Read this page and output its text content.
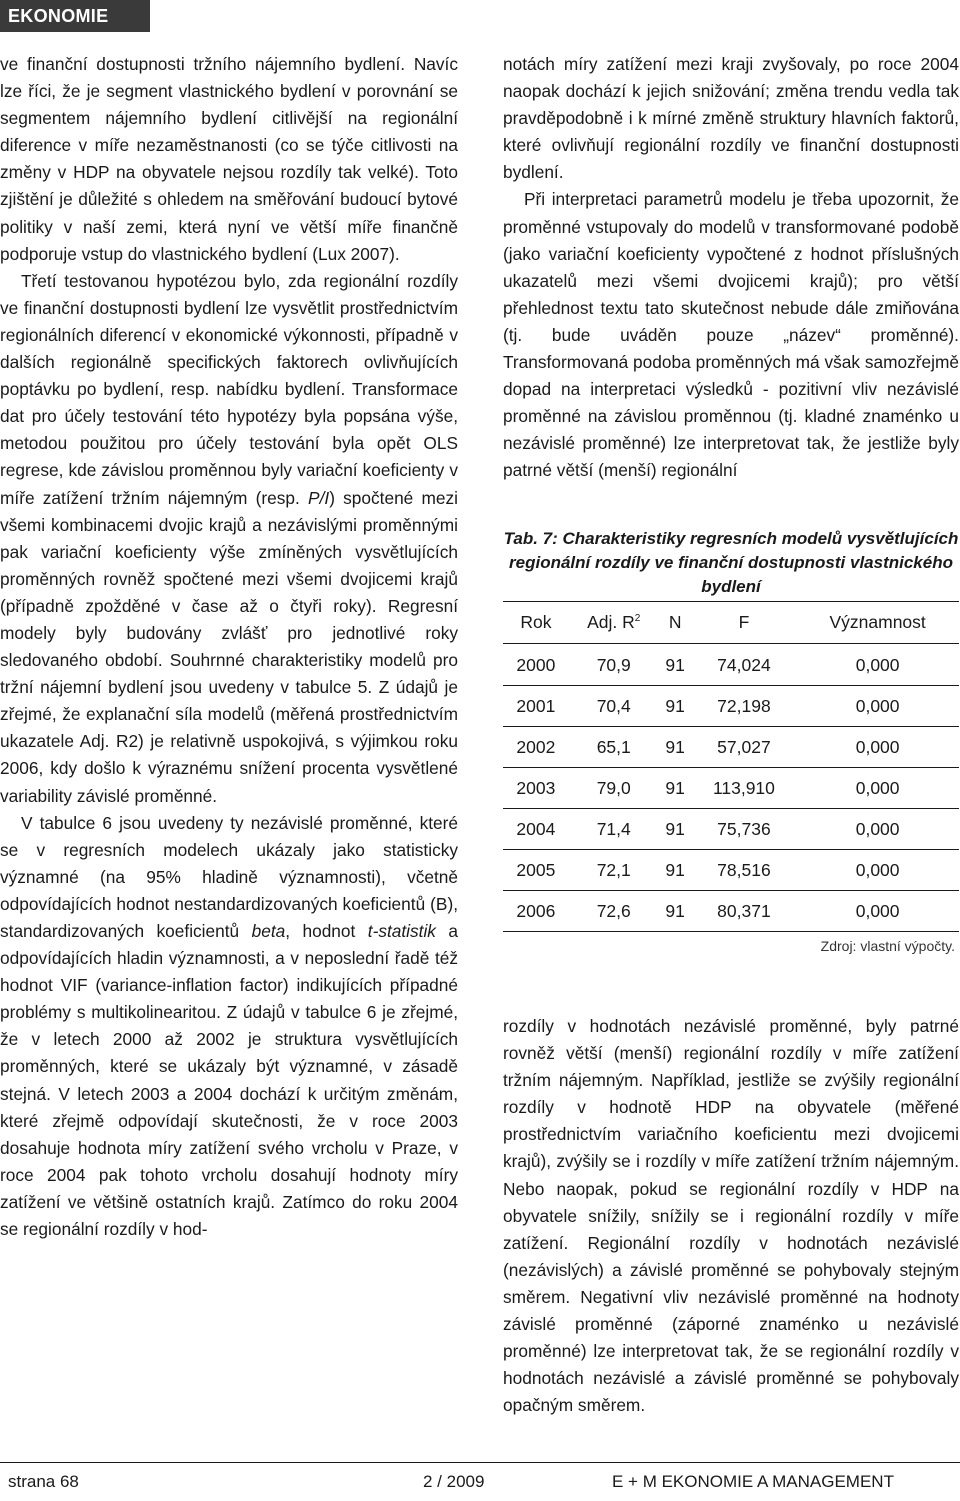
EKONOMIE

ve finanční dostupnosti tržního nájemního bydlení. Navíc lze říci, že je segment vlastnického bydlení v porovnání se segmentem nájemního bydlení citlivější na regionální diference v míře nezaměstnanosti (co se týče citlivosti na změny v HDP na obyvatele nejsou rozdíly tak velké). Toto zjištění je důležité s ohledem na směřování budoucí bytové politiky v naší zemi, která nyní ve větší míře finančně podporuje vstup do vlastnického bydlení (Lux 2007).

Třetí testovanou hypotézou bylo, zda regionální rozdíly ve finanční dostupnosti bydlení lze vysvětlit prostřednictvím regionálních diferencí v ekonomické výkonnosti, případně v dalších regionálně specifických faktorech ovlivňujících poptávku po bydlení, resp. nabídku bydlení. Transformace dat pro účely testování této hypotézy byla popsána výše, metodou použitou pro účely testování byla opět OLS regrese, kde závislou proměnnou byly variační koeficienty v míře zatížení tržním nájemným (resp. P/I) spočtené mezi všemi kombinacemi dvojic krajů a nezávislými proměnnými pak variační koeficienty výše zmíněných vysvětlujících proměnných rovněž spočtené mezi všemi dvojicemi krajů (případně zpožděné v čase až o čtyři roky). Regresní modely byly budovány zvlášť pro jednotlivé roky sledovaného období. Souhrnné charakteristiky modelů pro tržní nájemní bydlení jsou uvedeny v tabulce 5. Z údajů je zřejmé, že explanační síla modelů (měřená prostřednictvím ukazatele Adj. R2) je relativně uspokojivá, s výjimkou roku 2006, kdy došlo k výraznému snížení procenta vysvětlené variability závislé proměnné.

V tabulce 6 jsou uvedeny ty nezávislé proměnné, které se v regresních modelech ukázaly jako statisticky významné (na 95% hladině významnosti), včetně odpovídajících hodnot nestandardizovaných koeficientů (B), standardizovaných koeficientů beta, hodnot t-statistik a odpovídajících hladin významnosti, a v neposlední řadě též hodnot VIF (variance-inflation factor) indikujících případné problémy s multikolinearitou. Z údajů v tabulce 6 je zřejmé, že v letech 2000 až 2002 je struktura vysvětlujících proměnných, které se ukázaly být významné, v zásadě stejná. V letech 2003 a 2004 dochází k určitým změnám, které zřejmě odpovídají skutečnosti, že v roce 2003 dosahuje hodnota míry zatížení svého vrcholu v Praze, v roce 2004 pak tohoto vrcholu dosahují hodnoty míry zatížení ve většině ostatních krajů. Zatímco do roku 2004 se regionální rozdíly v hod-

notách míry zatížení mezi kraji zvyšovaly, po roce 2004 naopak dochází k jejich snižování; změna trendu vedla tak pravděpodobně i k mírné změně struktury hlavních faktorů, které ovlivňují regionální rozdíly ve finanční dostupnosti bydlení.

Při interpretaci parametrů modelu je třeba upozornit, že proměnné vstupovaly do modelů v transformované podobě (jako variační koeficienty vypočtené z hodnot příslušných ukazatelů mezi všemi dvojicemi krajů); pro větší přehlednost textu tato skutečnost nebude dále zmiňována (tj. bude uváděn pouze „název“ proměnné). Transformovaná podoba proměnných má však samozřejmě dopad na interpretaci výsledků - pozitivní vliv nezávislé proměnné na závislou proměnnou (tj. kladné znaménko u nezávislé proměnné) lze interpretovat tak, že jestliže byly patrné větší (menší) regionální

Tab. 7: Charakteristiky regresních modelů vysvětlujících regionální rozdíly ve finanční dostupnosti vlastnického bydlení
Rok	Adj. $R^2$	N	F	Významnost
2000	70,9	91	74,024	0,000
2001	70,4	91	72,198	0,000
2002	65,1	91	57,027	0,000
2003	79,0	91	113,910	0,000
2004	71,4	91	75,736	0,000
2005	72,1	91	78,516	0,000
2006	72,6	91	80,371	0,000
Zdroj: vlastní výpočty.

rozdíly v hodnotách nezávislé proměnné, byly patrné rovněž větší (menší) regionální rozdíly v míře zatížení tržním nájemným. Například, jestliže se zvýšily regionální rozdíly v hodnotě HDP na obyvatele (měřené prostřednictvím variačního koeficientu mezi dvojicemi krajů), zvýšily se i rozdíly v míře zatížení tržním nájemným. Nebo naopak, pokud se regionální rozdíly v HDP na obyvatele snížily, snížily se i regionální rozdíly v míře zatížení. Regionální rozdíly v hodnotách nezávislé (nezávislých) a závislé proměnné se pohybovaly stejným směrem. Negativní vliv nezávislé proměnné na hodnoty závislé proměnné (záporné znaménko u nezávislé proměnné) lze interpretovat tak, že se regionální rozdíly v hodnotách nezávislé a závislé proměnné se pohybovaly opačným směrem.

strana 68	2 / 2009	E + M EKONOMIE A MANAGEMENT
